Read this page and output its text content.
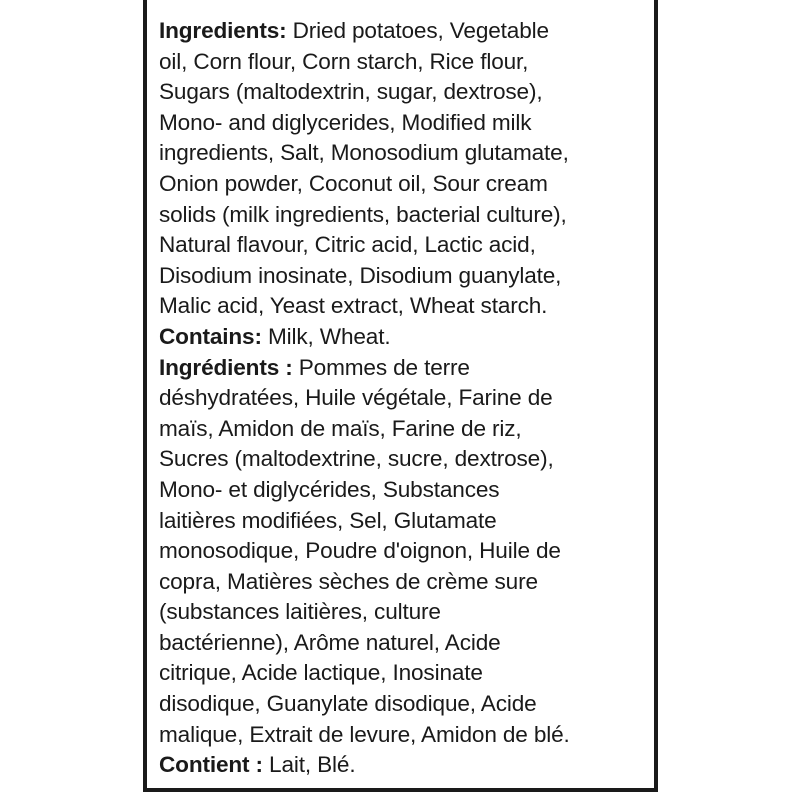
Ingredients: Dried potatoes, Vegetable
oil, Corn flour, Corn starch, Rice flour,
Sugars (maltodextrin, sugar, dextrose),
Mono- and diglycerides, Modified milk
ingredients, Salt, Monosodium glutamate,
Onion powder, Coconut oil, Sour cream
solids (milk ingredients, bacterial culture),
Natural flavour, Citric acid, Lactic acid,
Disodium inosinate, Disodium guanylate,
Malic acid, Yeast extract, Wheat starch.
Contains: Milk, Wheat.
Ingrédients : Pommes de terre
déshydratées, Huile végétale, Farine de
maïs, Amidon de maïs, Farine de riz,
Sucres (maltodextrine, sucre, dextrose),
Mono- et diglycérides, Substances
laitières modifiées, Sel, Glutamate
monosodique, Poudre d'oignon, Huile de
copra, Matières sèches de crème sure
(substances laitières, culture
bactérienne), Arôme naturel, Acide
citrique, Acide lactique, Inosinate
disodique, Guanylate disodique, Acide
malique, Extrait de levure, Amidon de blé.
Contient : Lait, Blé.
